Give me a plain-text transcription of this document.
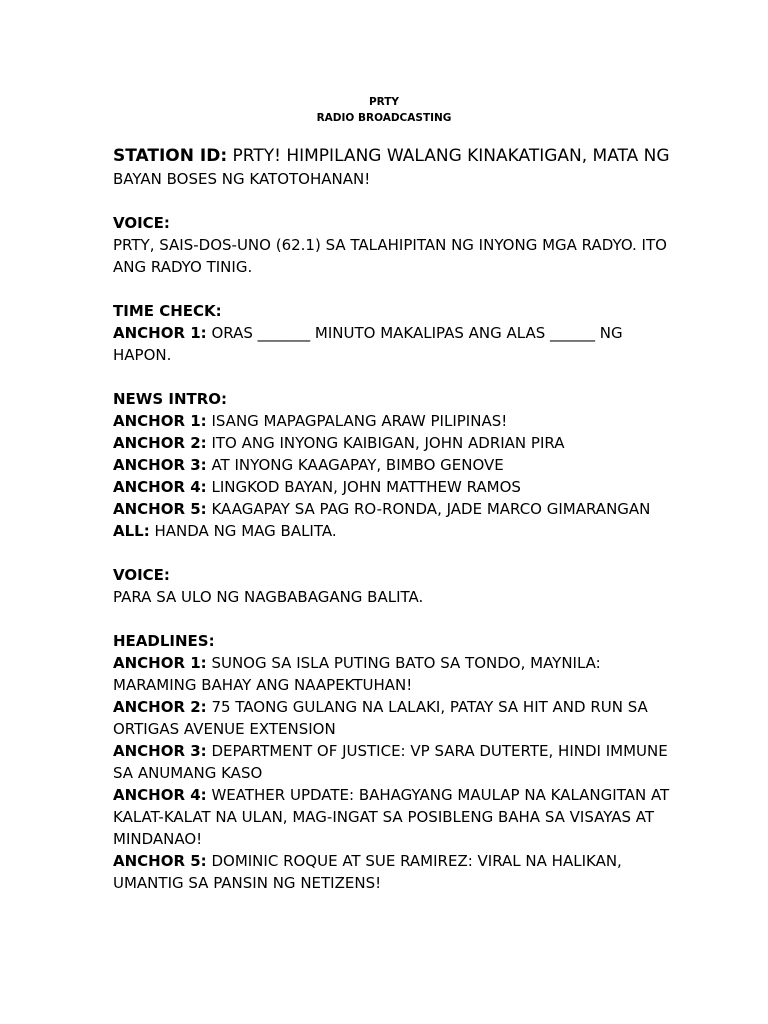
PRTY
RADIO BROADCASTING

STATION ID: PRTY! HIMPILANG WALANG KINAKATIGAN, MATA NG

BAYAN BOSES NG KATOTOHANAN!

VOICE:

PRTY, SAIS-DOS-UNO (62.1) SA TALAHIPITAN NG INYONG MGA RADYO. ITO

ANG RADYO TINIG.

TIME CHECK:

ANCHOR 1: ORAS _______ MINUTO MAKALIPAS ANG ALAS ______ NG

HAPON.

NEWS INTRO:

ANCHOR 1: ISANG MAPAGPALANG ARAW PILIPINAS!

ANCHOR 2: ITO ANG INYONG KAIBIGAN, JOHN ADRIAN PIRA

ANCHOR 3: AT INYONG KAAGAPAY, BIMBO GENOVE

ANCHOR 4: LINGKOD BAYAN, JOHN MATTHEW RAMOS

ANCHOR 5: KAAGAPAY SA PAG RO-RONDA, JADE MARCO GIMARANGAN

ALL: HANDA NG MAG BALITA.

VOICE:

PARA SA ULO NG NAGBABAGANG BALITA.

HEADLINES:

ANCHOR 1: SUNOG SA ISLA PUTING BATO SA TONDO, MAYNILA:

MARAMING BAHAY ANG NAAPEKTUHAN!

ANCHOR 2: 75 TAONG GULANG NA LALAKI, PATAY SA HIT AND RUN SA

ORTIGAS AVENUE EXTENSION

ANCHOR 3: DEPARTMENT OF JUSTICE: VP SARA DUTERTE, HINDI IMMUNE

SA ANUMANG KASO

ANCHOR 4: WEATHER UPDATE: BAHAGYANG MAULAP NA KALANGITAN AT

KALAT-KALAT NA ULAN, MAG-INGAT SA POSIBLENG BAHA SA VISAYAS AT

MINDANAO!

ANCHOR 5: DOMINIC ROQUE AT SUE RAMIREZ: VIRAL NA HALIKAN,

UMANTIG SA PANSIN NG NETIZENS!
